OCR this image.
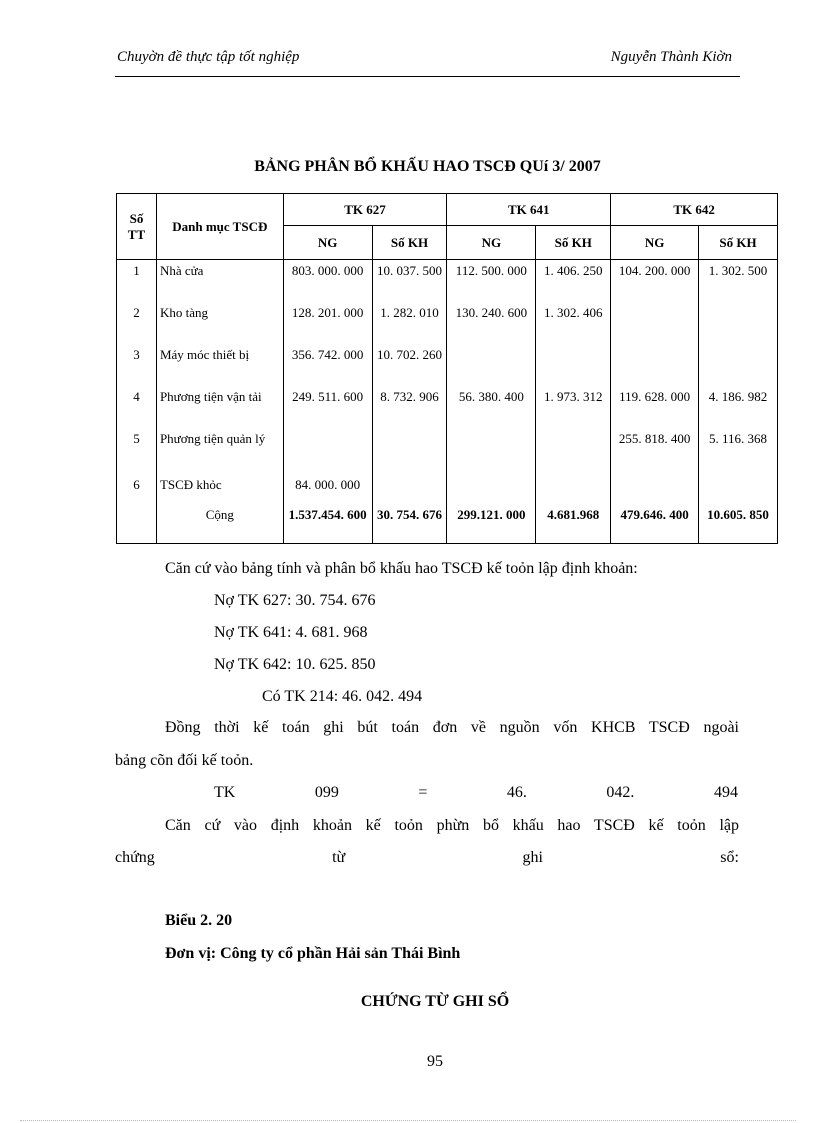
Chuyờn đề thực tập tốt nghiệp	Nguyễn Thành Kiờn
BẢNG PHÂN BỔ KHẤU HAO TSCĐ QUí 3/ 2007
Số TT	Danh mục TSCĐ	TK 627		TK 641		TK 642	
		NG	Số KH	NG	Số KH	NG	Số KH
1	Nhà cửa	803. 000. 000	10. 037. 500	112. 500. 000	1. 406. 250	104. 200. 000	1. 302. 500
2	Kho tàng	128. 201. 000	1. 282. 010	130. 240. 600	1. 302. 406		
3	Máy móc thiết bị	356. 742. 000	10. 702. 260				
4	Phương tiện vận tải	249. 511. 600	8. 732. 906	56. 380. 400	1. 973. 312	119. 628. 000	4. 186. 982
5	Phương tiện quản lý					255. 818. 400	5. 116. 368
6	TSCĐ khỏc	84. 000. 000					
	Cộng	1.537.454. 600	30. 754. 676	299.121. 000	4.681.968	479.646. 400	10.605. 850
Căn cứ vào bảng tính và phân bổ khấu hao TSCĐ kế toỏn lập định khoản:
Nợ TK 627: 30. 754. 676
Nợ TK 641: 4. 681. 968
Nợ TK 642: 10. 625. 850
Có TK 214: 46. 042. 494
Đồng thời kế toán ghi bút toán đơn về nguồn vốn KHCB TSCĐ ngoài
bảng cõn đối kế toỏn.
TK	099	=	46.	042.	494
Căn cứ vào định khoản kế toỏn phừn bổ khấu hao TSCĐ kế toỏn lập
chứng	từ	ghi	sổ:
Biểu 2. 20
Đơn vị: Công ty cổ phần Hải sản Thái Bình
CHỨNG TỪ GHI SỔ
95
